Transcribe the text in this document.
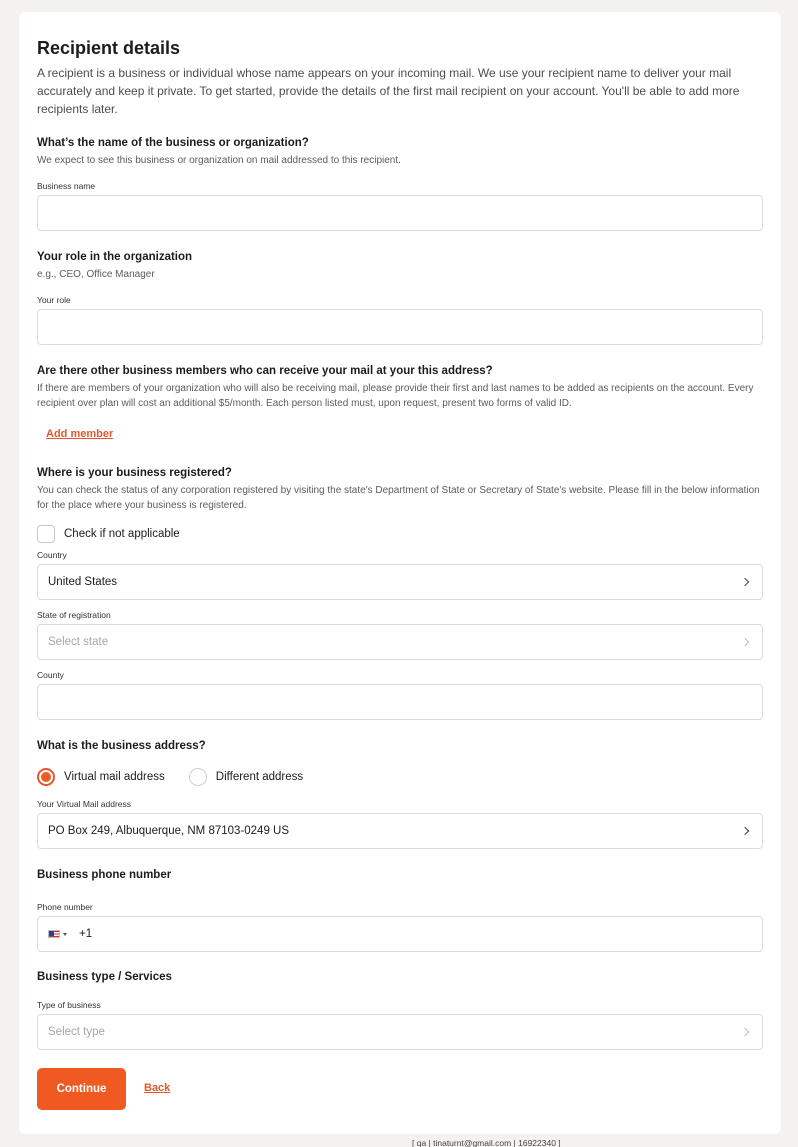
Recipient details

A recipient is a business or individual whose name appears on your incoming mail. We use your recipient name to deliver your mail accurately and keep it private. To get started, provide the details of the first mail recipient on your account. You'll be able to add more recipients later.

What’s the name of the business or organization?
We expect to see this business or organization on mail addressed to this recipient.
Business name
Your role in the organization
e.g., CEO, Office Manager
Your role
Are there other business members who can receive your mail at your this address?
If there are members of your organization who will also be receiving mail, please provide their first and last names to be added as recipients on the account. Every recipient over plan will cost an additional $5/month. Each person listed must, upon request, present two forms of valid ID.
Add member
Where is your business registered?
You can check the status of any corporation registered by visiting the state's Department of State or Secretary of State's website. Please fill in the below information for the place where your business is registered.
Check if not applicable
Country
United States
State of registration
Select state
County
What is the business address?
Virtual mail address	Different address
Your Virtual Mail address
PO Box 249, Albuquerque, NM 87103-0249 US
Business phone number
Phone number
+1
Business type / Services
Type of business
Select type
Continue	Back
[ qa | tinaturnt@gmail.com | 16922340 ]
